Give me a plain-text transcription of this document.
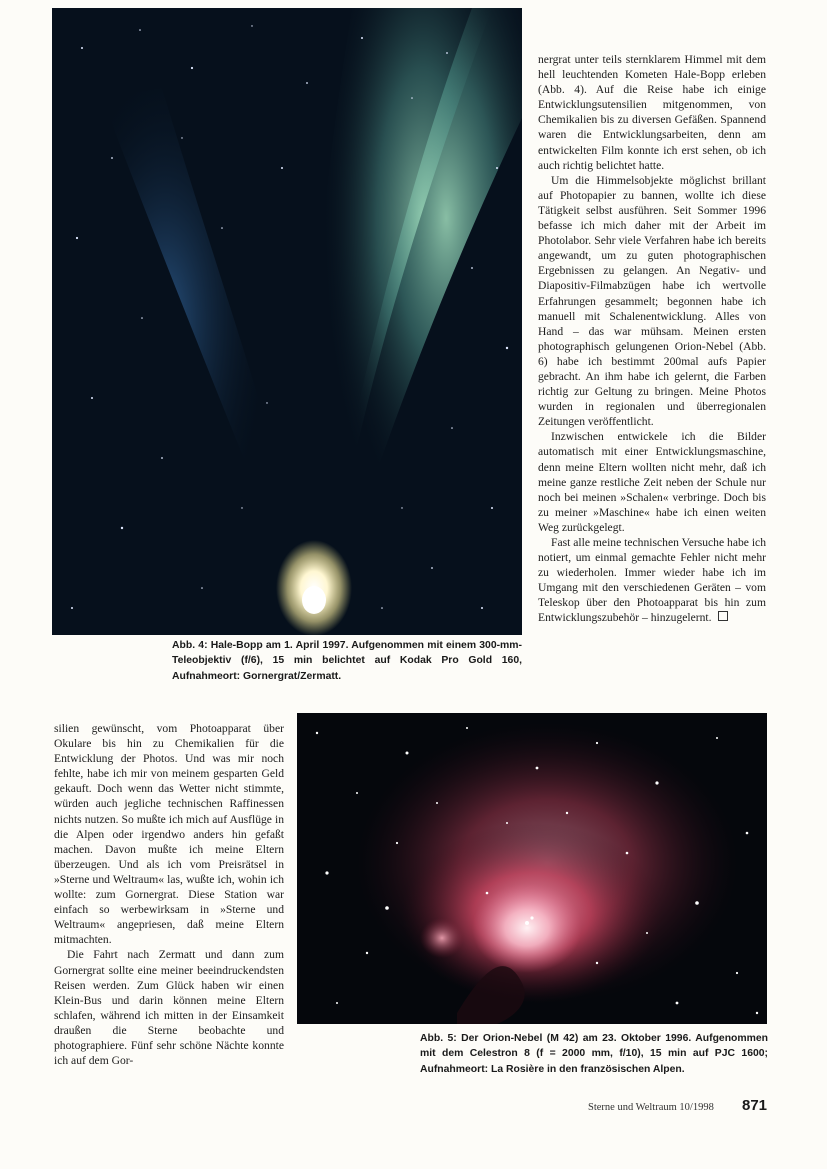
Abb. 4: Hale-Bopp am 1. April 1997. Aufgenommen mit einem 300-mm-Teleobjektiv (f/6), 15 min belichtet auf Kodak Pro Gold 160, Aufnahmeort: Gornergrat/Zermatt.

nergrat unter teils sternklarem Himmel mit dem hell leuchtenden Kometen Hale-Bopp erleben (Abb. 4). Auf die Reise habe ich einige Entwicklungsutensilien mitgenommen, von Chemikalien bis zu diversen Gefäßen. Spannend waren die Entwicklungsarbeiten, denn am entwickelten Film konnte ich erst sehen, ob ich auch richtig belichtet hatte.

Um die Himmelsobjekte möglichst brillant auf Photopapier zu bannen, wollte ich diese Tätigkeit selbst ausführen. Seit Sommer 1996 befasse ich mich daher mit der Arbeit im Photolabor. Sehr viele Verfahren habe ich bereits angewandt, um zu guten photographischen Ergebnissen zu gelangen. An Negativ- und Diapositiv-Filmabzügen habe ich wertvolle Erfahrungen gesammelt; begonnen habe ich manuell mit Schalenentwicklung. Alles von Hand – das war mühsam. Meinen ersten photographisch gelungenen Orion-Nebel (Abb. 6) habe ich bestimmt 200mal aufs Papier gebracht. An ihm habe ich gelernt, die Farben richtig zur Geltung zu bringen. Meine Photos wurden in regionalen und überregionalen Zeitungen veröffentlicht.

Inzwischen entwickele ich die Bilder automatisch mit einer Entwicklungsmaschine, denn meine Eltern wollten nicht mehr, daß ich meine ganze restliche Zeit neben der Schule nur noch bei meinen »Schalen« verbringe. Doch bis zu meiner »Maschine« habe ich einen weiten Weg zurückgelegt.

Fast alle meine technischen Versuche habe ich notiert, um einmal gemachte Fehler nicht mehr zu wiederholen. Immer wieder habe ich im Umgang mit den verschiedenen Geräten – vom Teleskop über den Photoapparat bis hin zum Entwicklungszubehör – hinzugelernt.

silien gewünscht, vom Photoapparat über Okulare bis hin zu Chemikalien für die Entwicklung der Photos. Und was mir noch fehlte, habe ich mir von meinem gesparten Geld gekauft. Doch wenn das Wetter nicht stimmte, würden auch jegliche technischen Raffinessen nichts nutzen. So mußte ich mich auf Ausflüge in die Alpen oder irgendwo anders hin gefaßt machen. Davon mußte ich meine Eltern überzeugen. Und als ich vom Preisrätsel in »Sterne und Weltraum« las, wußte ich, wohin ich wollte: zum Gornergrat. Diese Station war einfach so werbewirksam in »Sterne und Weltraum« angepriesen, daß meine Eltern mitmachten.

Die Fahrt nach Zermatt und dann zum Gornergrat sollte eine meiner beeindruckendsten Reisen werden. Zum Glück haben wir einen Klein-Bus und darin können meine Eltern schlafen, während ich mitten in der Einsamkeit draußen die Sterne beobachte und photographiere. Fünf sehr schöne Nächte konnte ich auf dem Gor-

Abb. 5: Der Orion-Nebel (M 42) am 23. Oktober 1996. Aufgenommen mit dem Celestron 8 (f = 2000 mm, f/10), 15 min auf PJC 1600; Aufnahmeort: La Rosière in den französischen Alpen.
Sterne und Weltraum 10/1998 871
